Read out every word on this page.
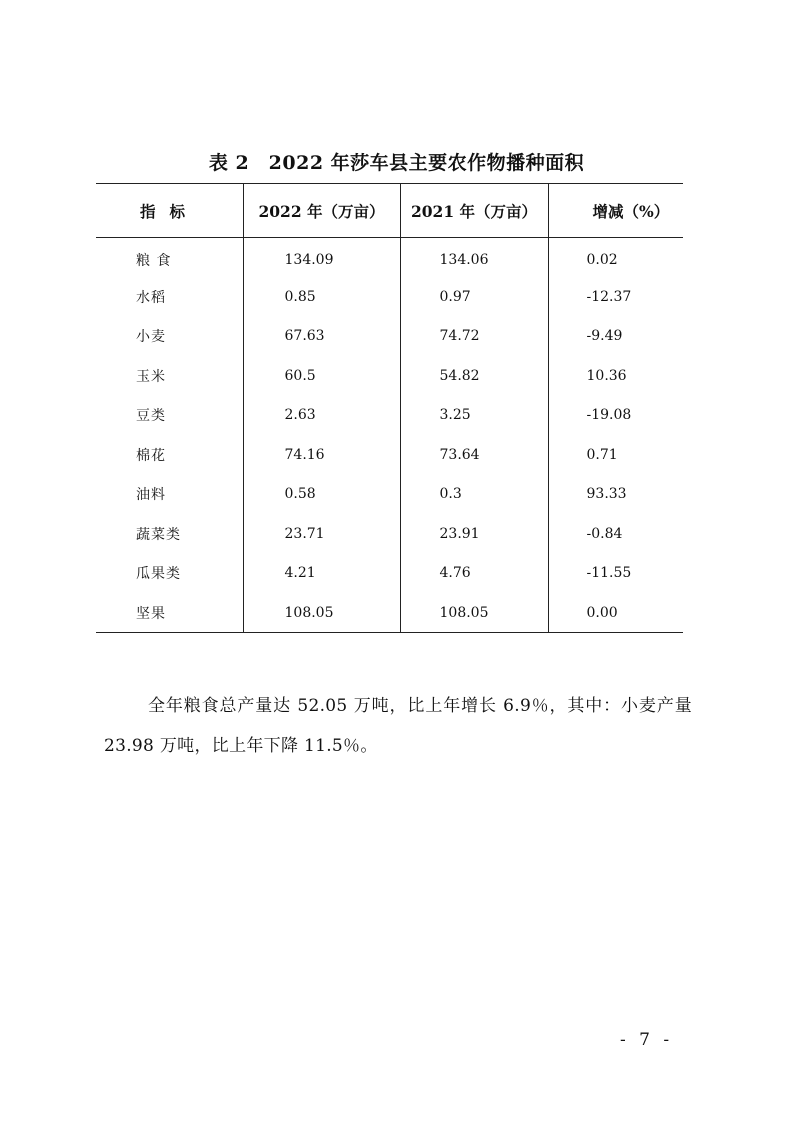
表 2　2022 年莎车县主要农作物播种面积
指标	2022 年（万亩）	2021 年（万亩）	增减（%）
粮 食	134.09	134.06	0.02
水稻	0.85	0.97	-12.37
小麦	67.63	74.72	-9.49
玉米	60.5	54.82	10.36
豆类	2.63	3.25	-19.08
棉花	74.16	73.64	0.71
油料	0.58	0.3	93.33
蔬菜类	23.71	23.91	-0.84
瓜果类	4.21	4.76	-11.55
坚果	108.05	108.05	0.00

全年粮食总产量达 52.05 万吨，比上年增长 6.9％，其中：小麦产量 23.98 万吨，比上年下降 11.5％。

- 7 -
